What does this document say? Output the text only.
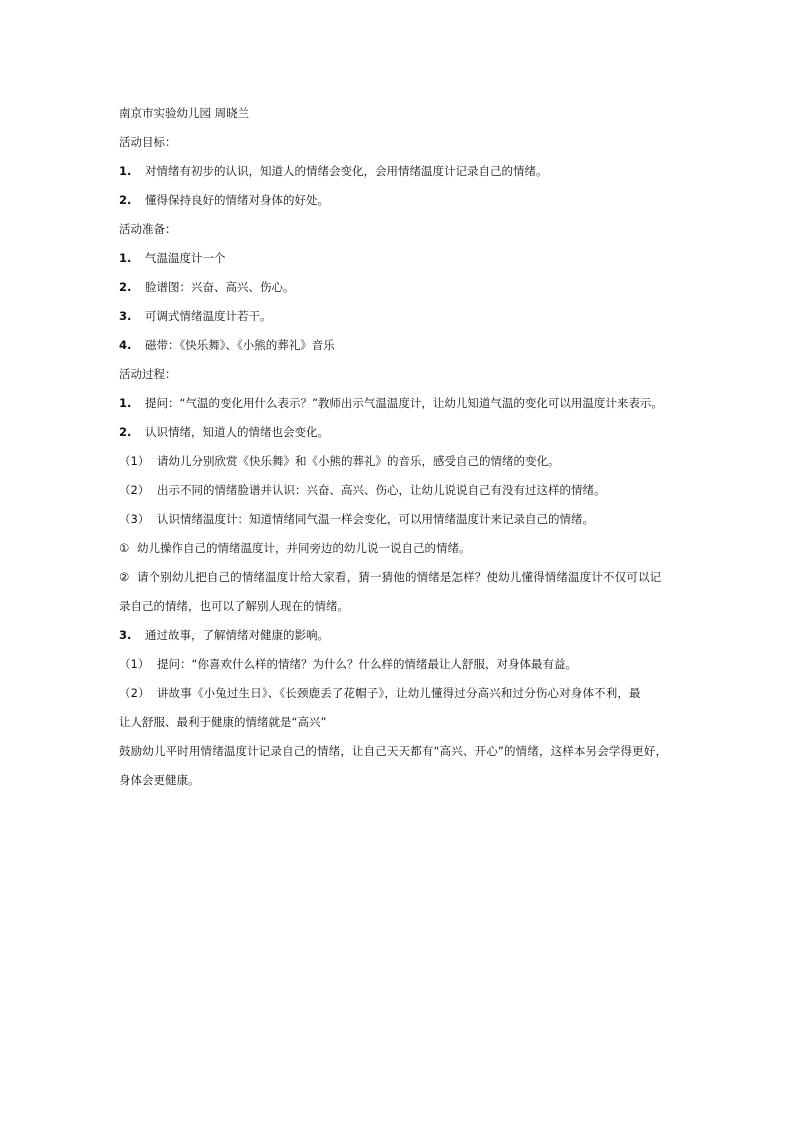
南京市实验幼儿园 周晓兰
活动目标：
1. 对情绪有初步的认识，知道人的情绪会变化，会用情绪温度计记录自己的情绪。
2. 懂得保持良好的情绪对身体的好处。
活动准备：
1. 气温温度计一个
2. 脸谱图：兴奋、高兴、伤心。
3. 可调式情绪温度计若干。
4. 磁带：《快乐舞》、《小熊的葬礼》音乐
活动过程：
1. 提问：“气温的变化用什么表示？”教师出示气温温度计，让幼儿知道气温的变化可以用温度计来表示。
2. 认识情绪，知道人的情绪也会变化。
（1） 请幼儿分别欣赏《快乐舞》和《小熊的葬礼》的音乐，感受自己的情绪的变化。
（2） 出示不同的情绪脸谱并认识：兴奋、高兴、伤心，让幼儿说说自己有没有过这样的情绪。
（3） 认识情绪温度计：知道情绪同气温一样会变化，可以用情绪温度计来记录自己的情绪。
① 幼儿操作自己的情绪温度计，并同旁边的幼儿说一说自己的情绪。
② 请个别幼儿把自己的情绪温度计给大家看，猜一猜他的情绪是怎样？使幼儿懂得情绪温度计不仅可以记
录自己的情绪，也可以了解别人现在的情绪。
3. 通过故事，了解情绪对健康的影响。
（1） 提问：“你喜欢什么样的情绪？为什么？什么样的情绪最让人舒服，对身体最有益。
（2） 讲故事《小兔过生日》、《长颈鹿丢了花帽子》，让幼儿懂得过分高兴和过分伤心对身体不利，最
让人舒服、最利于健康的情绪就是“高兴”
鼓励幼儿平时用情绪温度计记录自己的情绪，让自己天天都有“高兴、开心”的情绪，这样本另会学得更好，
身体会更健康。
